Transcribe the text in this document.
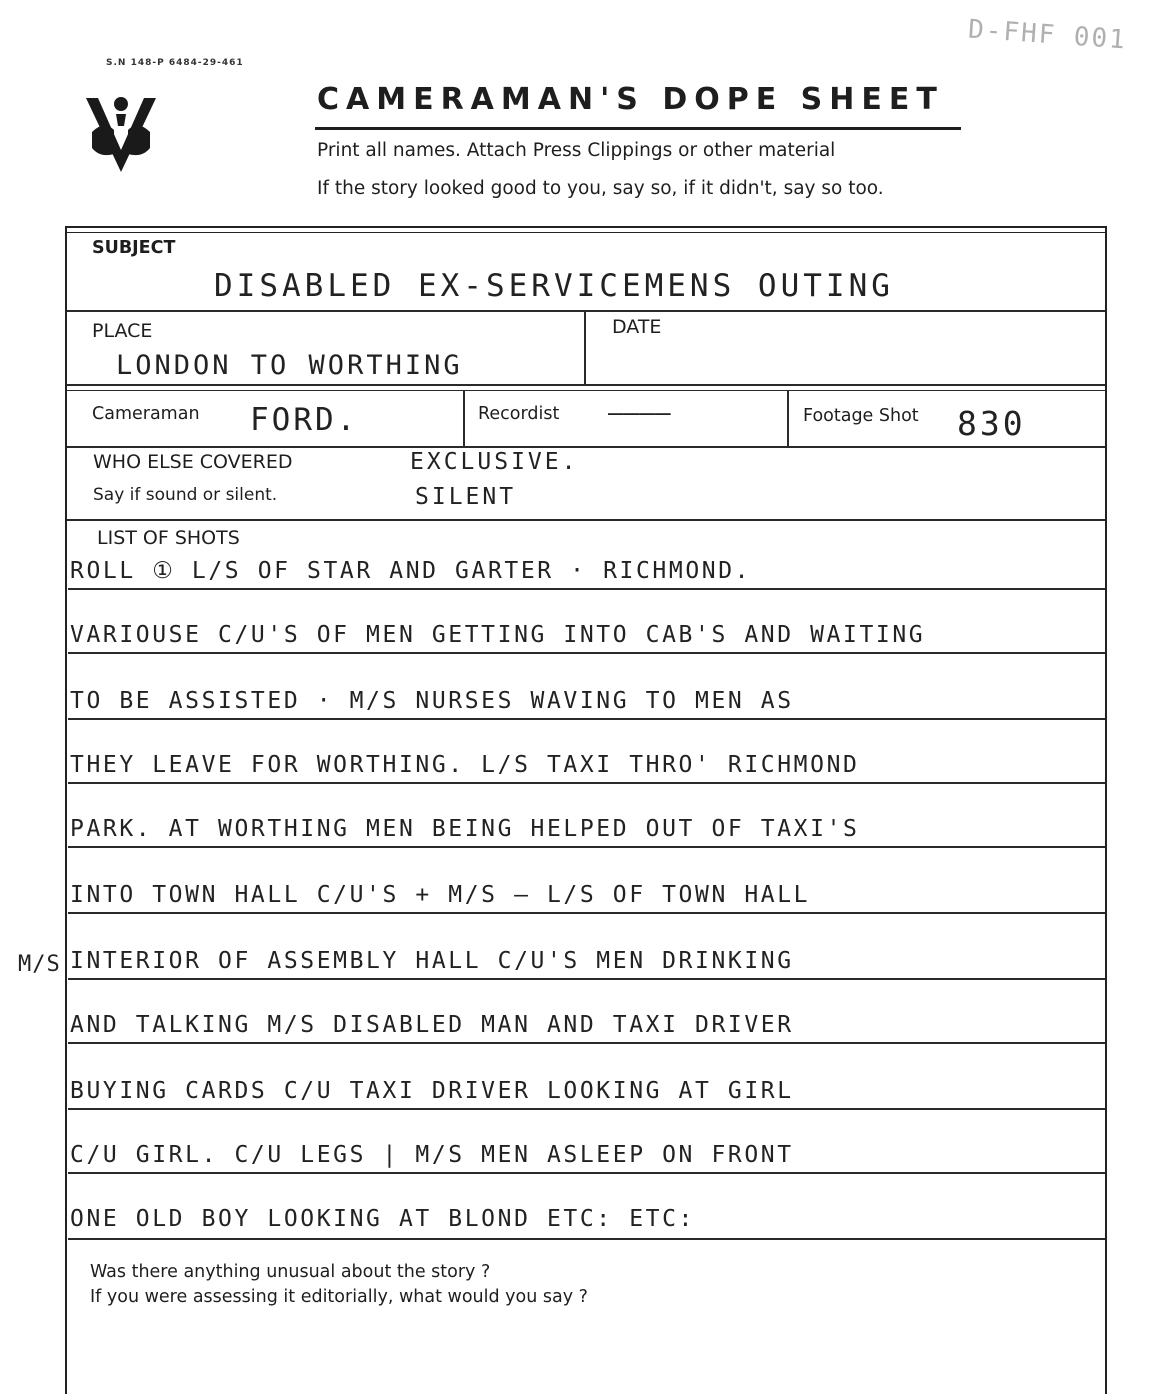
D-FHF 001
S.N 148-P 6484-29-461
CAMERAMAN'S DOPE SHEET
Print all names. Attach Press Clippings or other material
If the story looked good to you, say so, if it didn't, say so too.
SUBJECT
DISABLED EX-SERVICEMENS OUTING
PLACE
LONDON TO WORTHING
DATE
Cameraman FORD.	Recordist ————	Footage Shot 830
WHO ELSE COVERED	EXCLUSIVE.
Say if sound or silent.	SILENT
LIST OF SHOTS
M/S
ROLL ① L/S OF STAR AND GARTER · RICHMOND.
VARIOUSE C/U'S OF MEN GETTING INTO CAB'S AND WAITING
TO BE ASSISTED · M/S NURSES WAVING TO MEN AS
THEY LEAVE FOR WORTHING. L/S TAXI THRO' RICHMOND
PARK. AT WORTHING MEN BEING HELPED OUT OF TAXI'S
INTO TOWN HALL C/U'S + M/S — L/S OF TOWN HALL
INTERIOR OF ASSEMBLY HALL C/U'S MEN DRINKING
AND TALKING M/S DISABLED MAN AND TAXI DRIVER
BUYING CARDS C/U TAXI DRIVER LOOKING AT GIRL
C/U GIRL. C/U LEGS | M/S MEN ASLEEP ON FRONT
ONE OLD BOY LOOKING AT BLOND ETC: ETC:
Was there anything unusual about the story ?
If you were assessing it editorially, what would you say ?
